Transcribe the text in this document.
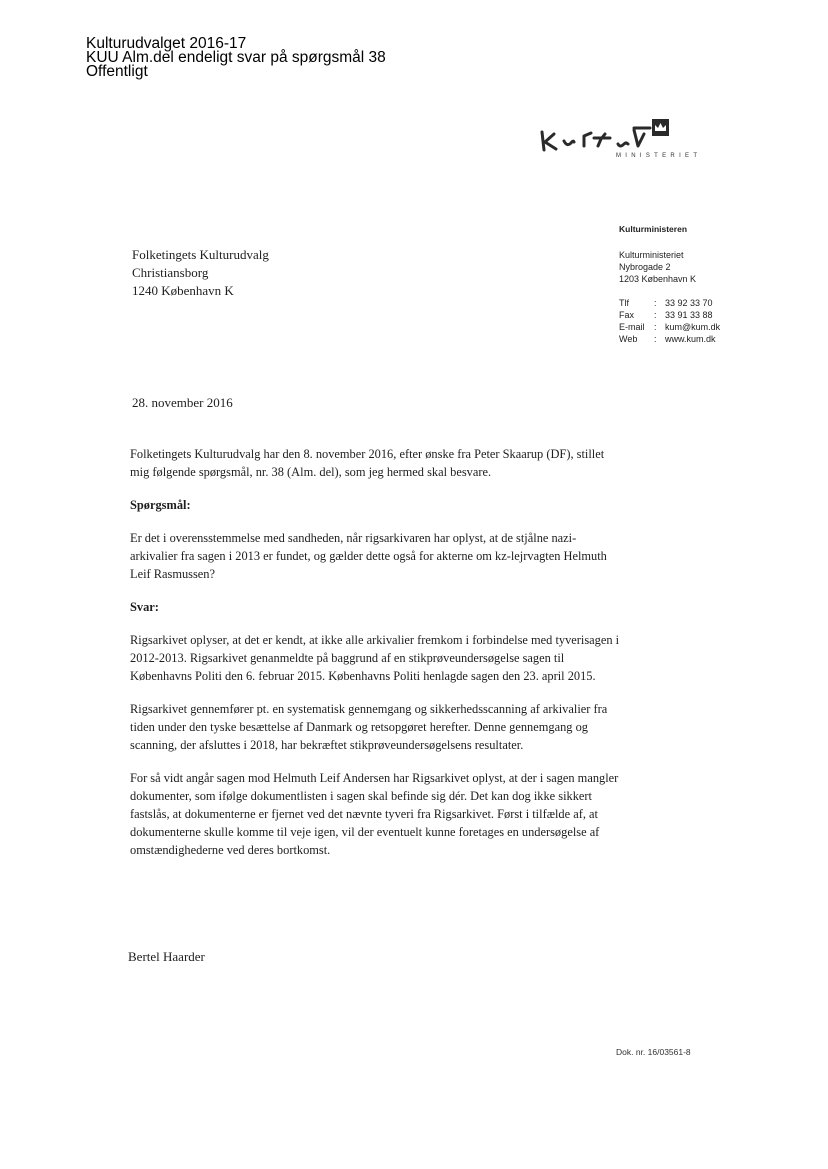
Kulturudvalget 2016-17
KUU Alm.del endeligt svar på spørgsmål 38
Offentligt
MINISTERIET
Kulturministeren
Kulturministeriet
Nybrogade 2
1203 København K
Tlf	: 33 92 33 70
Fax	: 33 91 33 88
E-mail	: kum@kum.dk
Web	: www.kum.dk
Folketingets Kulturudvalg
Christiansborg
1240 København K
28. november 2016

Folketingets Kulturudvalg har den 8. november 2016, efter ønske fra Peter Skaarup (DF), stillet mig følgende spørgsmål, nr. 38 (Alm. del), som jeg hermed skal besvare.

Spørgsmål:

Er det i overensstemmelse med sandheden, når rigsarkivaren har oplyst, at de stjålne nazi-arkivalier fra sagen i 2013 er fundet, og gælder dette også for akterne om kz-lejrvagten Helmuth Leif Rasmussen?

Svar:

Rigsarkivet oplyser, at det er kendt, at ikke alle arkivalier fremkom i forbindelse med tyverisagen i 2012-2013. Rigsarkivet genanmeldte på baggrund af en stikprøveundersøgelse sagen til Københavns Politi den 6. februar 2015. Københavns Politi henlagde sagen den 23. april 2015.

Rigsarkivet gennemfører pt. en systematisk gennemgang og sikkerhedsscanning af arkivalier fra tiden under den tyske besættelse af Danmark og retsopgøret herefter. Denne gennemgang og scanning, der afsluttes i 2018, har bekræftet stikprøveundersøgelsens resultater.

For så vidt angår sagen mod Helmuth Leif Andersen har Rigsarkivet oplyst, at der i sagen mangler dokumenter, som ifølge dokumentlisten i sagen skal befinde sig dér. Det kan dog ikke sikkert fastslås, at dokumenterne er fjernet ved det nævnte tyveri fra Rigsarkivet. Først i tilfælde af, at dokumenterne skulle komme til veje igen, vil der eventuelt kunne foretages en undersøgelse af omstændighederne ved deres bortkomst.

Bertel Haarder
Dok. nr. 16/03561-8
